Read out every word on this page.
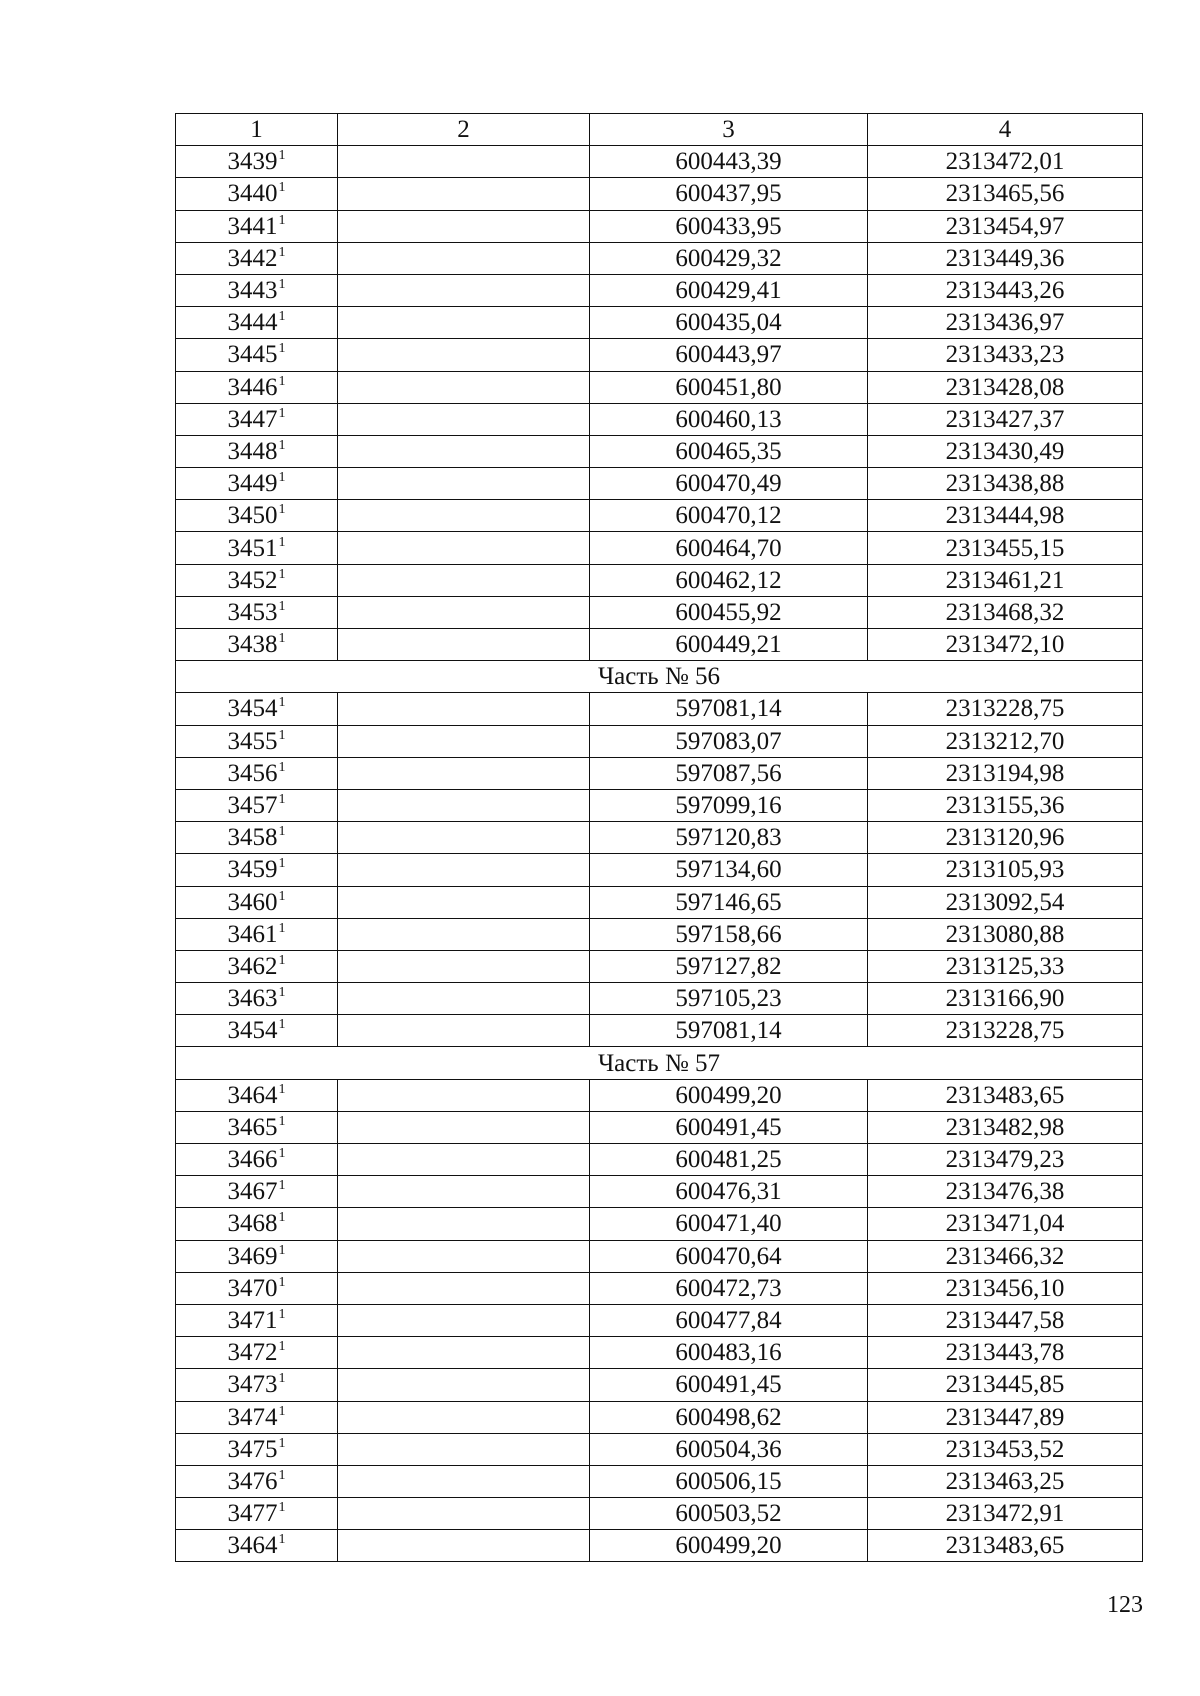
1	2	3	4
3439$^1$		600443,39	2313472,01
3440$^1$		600437,95	2313465,56
3441$^1$		600433,95	2313454,97
3442$^1$		600429,32	2313449,36
3443$^1$		600429,41	2313443,26
3444$^1$		600435,04	2313436,97
3445$^1$		600443,97	2313433,23
3446$^1$		600451,80	2313428,08
3447$^1$		600460,13	2313427,37
3448$^1$		600465,35	2313430,49
3449$^1$		600470,49	2313438,88
3450$^1$		600470,12	2313444,98
3451$^1$		600464,70	2313455,15
3452$^1$		600462,12	2313461,21
3453$^1$		600455,92	2313468,32
3438$^1$		600449,21	2313472,10
Часть № 56			
3454$^1$		597081,14	2313228,75
3455$^1$		597083,07	2313212,70
3456$^1$		597087,56	2313194,98
3457$^1$		597099,16	2313155,36
3458$^1$		597120,83	2313120,96
3459$^1$		597134,60	2313105,93
3460$^1$		597146,65	2313092,54
3461$^1$		597158,66	2313080,88
3462$^1$		597127,82	2313125,33
3463$^1$		597105,23	2313166,90
3454$^1$		597081,14	2313228,75
Часть № 57			
3464$^1$		600499,20	2313483,65
3465$^1$		600491,45	2313482,98
3466$^1$		600481,25	2313479,23
3467$^1$		600476,31	2313476,38
3468$^1$		600471,40	2313471,04
3469$^1$		600470,64	2313466,32
3470$^1$		600472,73	2313456,10
3471$^1$		600477,84	2313447,58
3472$^1$		600483,16	2313443,78
3473$^1$		600491,45	2313445,85
3474$^1$		600498,62	2313447,89
3475$^1$		600504,36	2313453,52
3476$^1$		600506,15	2313463,25
3477$^1$		600503,52	2313472,91
3464$^1$		600499,20	2313483,65
123
